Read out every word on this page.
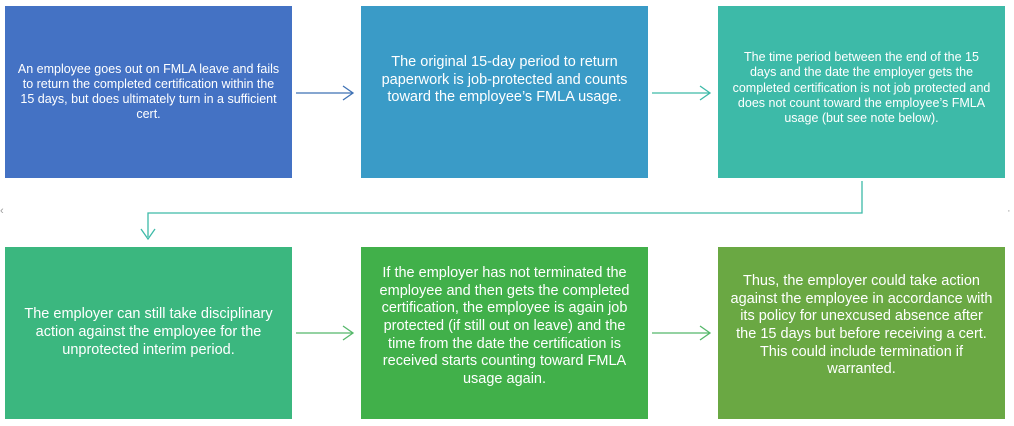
An employee goes out on FMLA leave and fails to return the completed certification within the 15 days, but does ultimately turn in a sufficient cert.
The original 15-day period to return paperwork is job-protected and counts toward the employee’s FMLA usage.
The time period between the end of the 15 days and the date the employer gets the completed certification is not job protected and does not count toward the employee’s FMLA usage (but see note below).
The employer can still take disciplinary action against the employee for the unprotected interim period.
If the employer has not terminated the employee and then gets the completed certification, the employee is again job protected (if still out on leave) and the time from the date the certification is received starts counting toward FMLA usage again.
Thus, the employer could take action against the employee in accordance with its policy for unexcused absence after the 15 days but before receiving a cert. This could include termination if warranted.
‹	·
